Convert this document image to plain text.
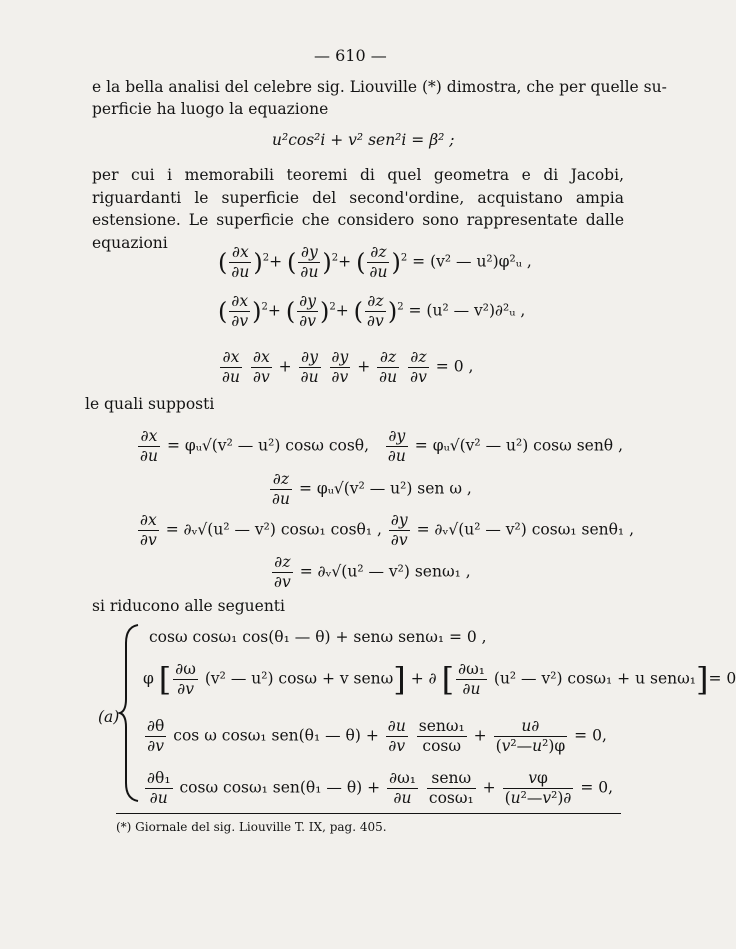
— 610 —
e la bella analisi del celebre sig. Liouville (*) dimostra, che per quelle su-
perficie ha luogo la equazione
u²cos²i + v² sen²i = β² ;
per cui i memorabili teoremi di quel geometra e di Jacobi, riguardanti le superficie del second'ordine, acquistano ampia estensione. Le superficie che considero sono rappresentate dalle equazioni
( $\frac{\partial x}{\partial u} )^2+$ ( $\frac{\partial y}{\partial u} )^2+$ ( $\frac{\partial z}{\partial u} )^2 = (v^2$ — u²)φ²ᵤ ,
( $\frac{\partial x}{\partial v} )^2+$ ( $\frac{\partial y}{\partial v} )^2+$ ( $\frac{\partial z}{\partial v} )^2 = (u^2$ — v²)∂²ᵤ ,
$\frac{\partial x}{\partial u}$
$\frac{\partial x}{\partial v} + \frac{\partial y}{\partial u}$
$\frac{\partial y}{\partial v} + \frac{\partial z}{\partial u}$
$\frac{\partial z}{\partial v} = 0$ ,
le quali supposti
$\frac{\partial x}{\partial u}$ = φᵤ√(v² — u²) cosω cosθ, $\frac{\partial y}{\partial u}$ = φᵤ√(v² — u²) cosω senθ ,
$\frac{\partial z}{\partial u}$ = φᵤ√(v² — u²) sen ω ,
$\frac{\partial x}{\partial v}$ = ∂ᵥ√(u² — v²) cosω₁ cosθ₁ , $\frac{\partial y}{\partial v}$ = ∂ᵥ√(u² — v²) cosω₁ senθ₁ ,
$\frac{\partial z}{\partial v}$ = ∂ᵥ√(u² — v²) senω₁ ,
si riducono alle seguenti
(a)
cosω cosω₁ cos(θ₁ — θ) + senω senω₁ = 0 ,
φ [ $\frac{\partial\omega}{\partial v} (v^2$ — u²) cosω + v senω] + ∂ [ $\frac{\text{∂ω₁}}{\partial u} (u^2$ — v²) cosω₁ + u senω₁]= 0
$\frac{\partial\theta}{\partial v}$ cos ω cosω₁ sen(θ₁ — $\theta) + \frac{\partial u}{\partial v}$
$\frac{\text{senω₁}}{\cos\omega} + \frac{u\partial}{\text{(v²—u²)φ}} = 0$,
$\frac{\text{∂θ₁}}{\partial u}$ cosω cosω₁ sen(θ₁ — $\theta) + \frac{\text{∂ω₁}}{\partial u}$
$\frac{\text{senω}}{\text{cosω₁}} + \frac{v\varphi}{\text{(u²—v²)∂}} = 0$,
(*) Giornale del sig. Liouville T. IX, pag. 405.
